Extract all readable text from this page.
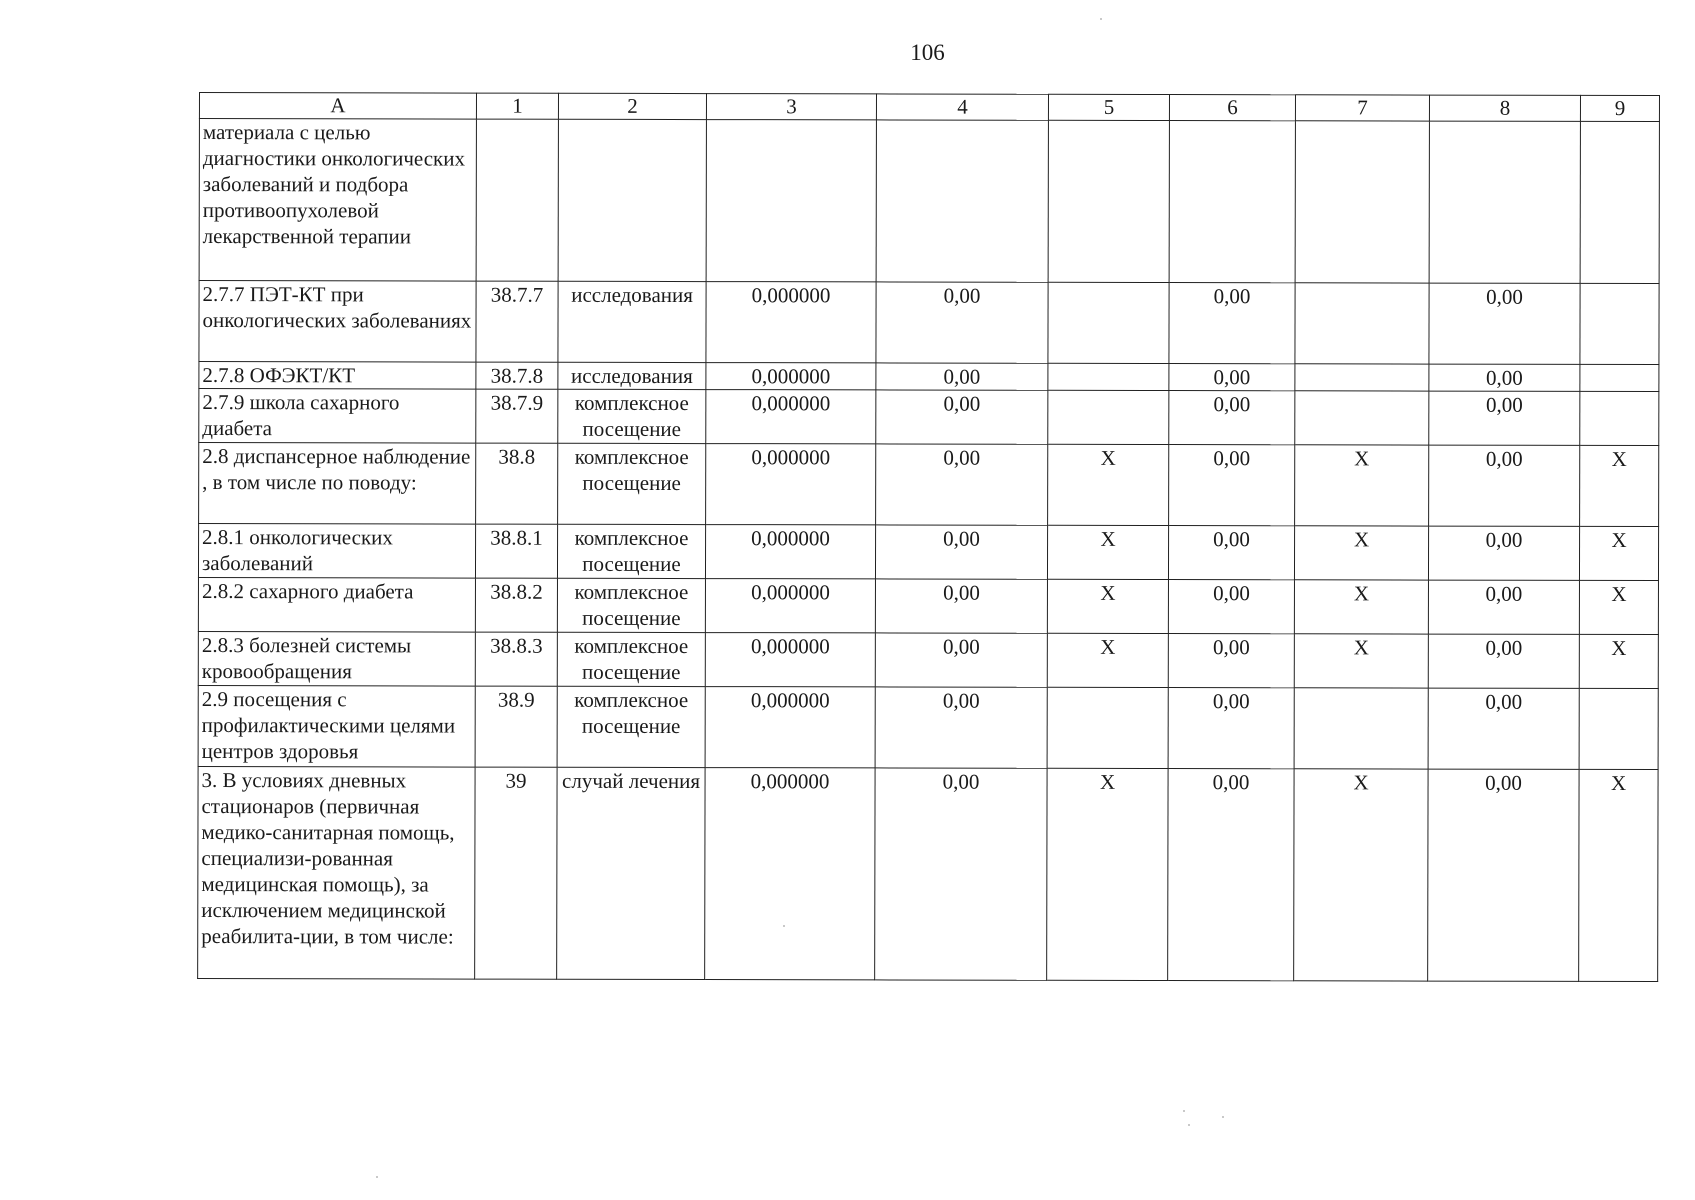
106
А	1	2	3	4	5	6	7	8	9
материала с целью диагностики онкологических заболеваний и подбора противоопухолевой лекарственной терапии									
2.7.7 ПЭТ-КТ при онкологических заболеваниях	38.7.7	исследования	0,000000	0,00		0,00		0,00	
2.7.8 ОФЭКТ/КТ	38.7.8	исследования	0,000000	0,00		0,00		0,00	
2.7.9 школа сахарного диабета	38.7.9	комплексное посещение	0,000000	0,00		0,00		0,00	
2.8 диспансерное наблюдение , в том числе по поводу:	38.8	комплексное посещение	0,000000	0,00	X	0,00	X	0,00	X
2.8.1 онкологических заболеваний	38.8.1	комплексное посещение	0,000000	0,00	X	0,00	X	0,00	X
2.8.2 сахарного диабета	38.8.2	комплексное посещение	0,000000	0,00	X	0,00	X	0,00	X
2.8.3 болезней системы кровообращения	38.8.3	комплексное посещение	0,000000	0,00	X	0,00	X	0,00	X
2.9 посещения с профилактическими целями центров здоровья	38.9	комплексное посещение	0,000000	0,00		0,00		0,00	
3. В условиях дневных стационаров (первичная медико-санитарная помощь, специализи-рованная медицинская помощь), за исключением медицинской реабилита-ции, в том числе:	39	случай лечения	0,000000	0,00	X	0,00	X	0,00	X
